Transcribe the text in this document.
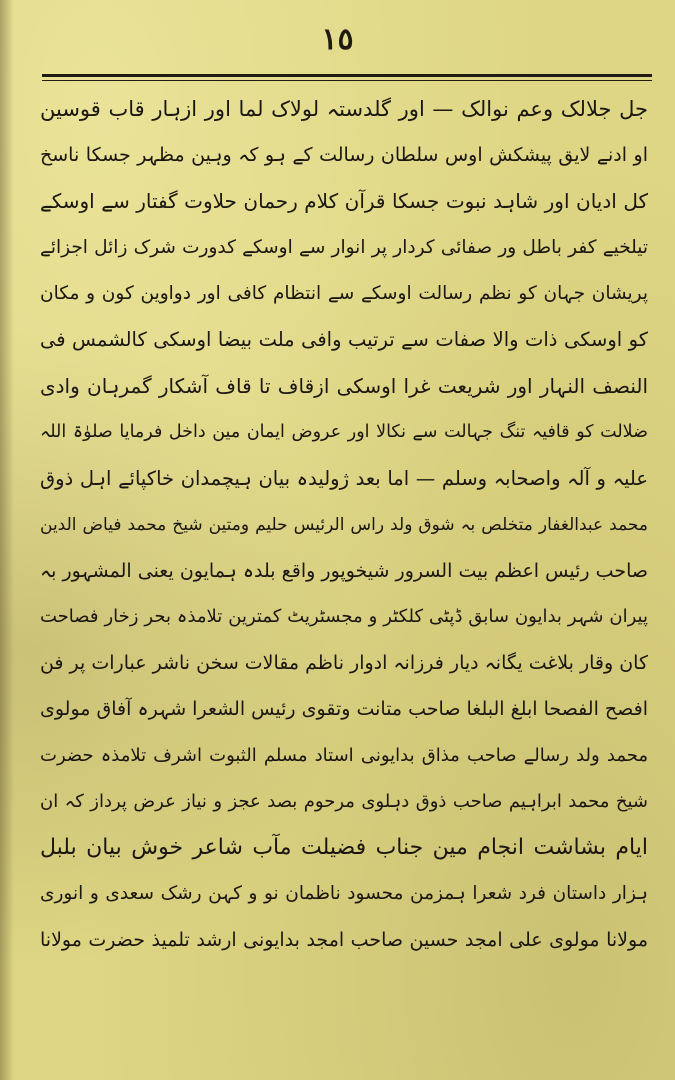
١٥
جل جلالک وعم نوالک — اور گلدستہ لولاک لما اور ازہار قاب قوسین
او ادنے لایق پیشکش اوس سلطان رسالت کے ہو کہ وہین مظہر جسکا ناسخ
کل ادیان اور شاہد نبوت جسکا قرآن کلام رحمان حلاوت گفتار سے اوسکے
تیلخیے کفر باطل ور صفائی کردار پر انوار سے اوسکے کدورت شرک زائل اجزائے
پریشان جہان کو نظم رسالت اوسکے سے انتظام کافی اور دواوین کون و مکان
کو اوسکی ذات والا صفات سے ترتیب وافی ملت بیضا اوسکی کالشمس فی
النصف النہار اور شریعت غرا اوسکی ازقاف تا قاف آشکار گمرہان وادی
ضلالت کو قافیہ تنگ جہالت سے نکالا اور عروض ایمان مین داخل فرمایا صلوٰۃ اللہ
علیہ و آلہ واصحابہ وسلم — اما بعد ژولیدہ بیان ہیچمدان خاکپائے اہل ذوق
محمد عبدالغفار متخلص بہ شوق ولد راس الرئیس حلیم ومتین شیخ محمد فیاض الدین
صاحب رئیس اعظم بیت السرور شیخوپور واقع بلدہ ہمایون یعنی المشہور بہ
پیران شہر بدایون سابق ڈپٹی کلکٹر و مجسٹریٹ کمترین تلامذہ بحر زخار فصاحت
کان وقار بلاغت یگانہ دیار فرزانہ ادوار ناظم مقالات سخن ناشر عبارات پر فن
افصح الفصحا ابلغ البلغا صاحب متانت وتقوی رئیس الشعرا شہرہ آفاق مولوی
محمد ولد رسالے صاحب مذاق بدایونی استاد مسلم الثبوت اشرف تلامذہ حضرت
شیخ محمد ابراہیم صاحب ذوق دہلوی مرحوم بصد عجز و نیاز عرض پرداز کہ ان
ایام بشاشت انجام مین جناب فضیلت مآب شاعر خوش بیان بلبل
ہزار داستان فرد شعرا ہمزمن محسود ناظمان نو و کہن رشک سعدی و انوری
مولانا مولوی علی امجد حسین صاحب امجد بدایونی ارشد تلمیذ حضرت مولانا
